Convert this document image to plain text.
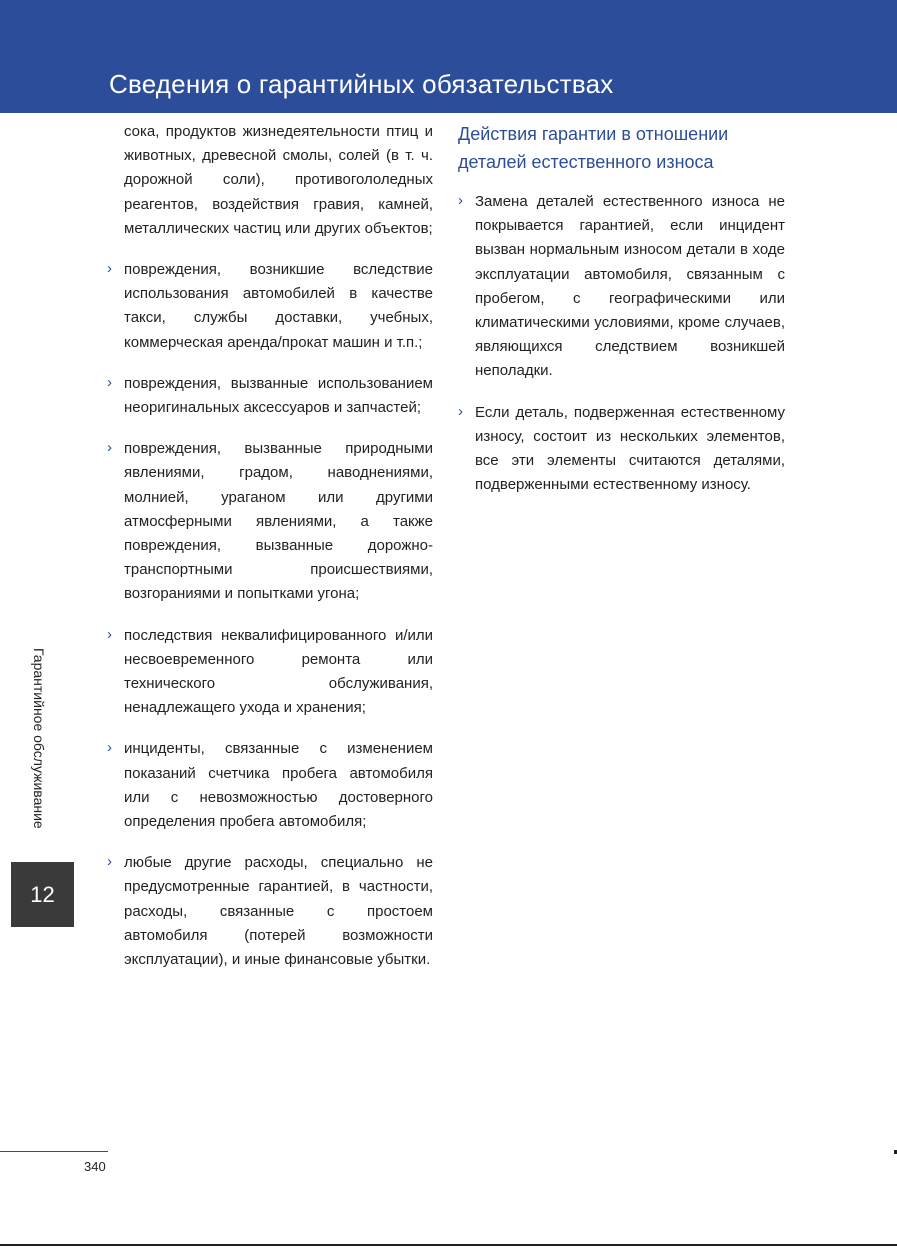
Сведения о гарантийных обязательствах
Гарантийное обслуживание
12
сока, продуктов жизнедеятельности птиц и животных, древесной смолы, солей (в т. ч. дорожной соли), противогололедных реагентов, воздействия гравия, камней, металлических частиц или других объектов;
› повреждения, возникшие вследствие использования автомобилей в качестве такси, службы доставки, учебных, коммерческая аренда/прокат машин и т.п.;
› повреждения, вызванные использованием неоригинальных аксессуаров и запчастей;
› повреждения, вызванные природными явлениями, градом, наводнениями, молнией, ураганом или другими атмосферными явлениями, а также повреждения, вызванные дорожно-транспортными происшествиями, возгораниями и попытками угона;
› последствия неквалифицированного и/или несвоевременного ремонта или технического обслуживания, ненадлежащего ухода и хранения;
› инциденты, связанные с изменением показаний счетчика пробега автомобиля или с невозможностью достоверного определения пробега автомобиля;
› любые другие расходы, специально не предусмотренные гарантией, в частности, расходы, связанные с простоем автомобиля (потерей возможности эксплуатации), и иные финансовые убытки.
Действия гарантии в отношении деталей естественного износа
› Замена деталей естественного износа не покрывается гарантией, если инцидент вызван нормальным износом детали в ходе эксплуатации автомобиля, связанным с пробегом, с географическими или климатическими условиями, кроме случаев, являющихся следствием возникшей неполадки.
› Если деталь, подверженная естественному износу, состоит из нескольких элементов, все эти элементы считаются деталями, подверженными естественному износу.
340
